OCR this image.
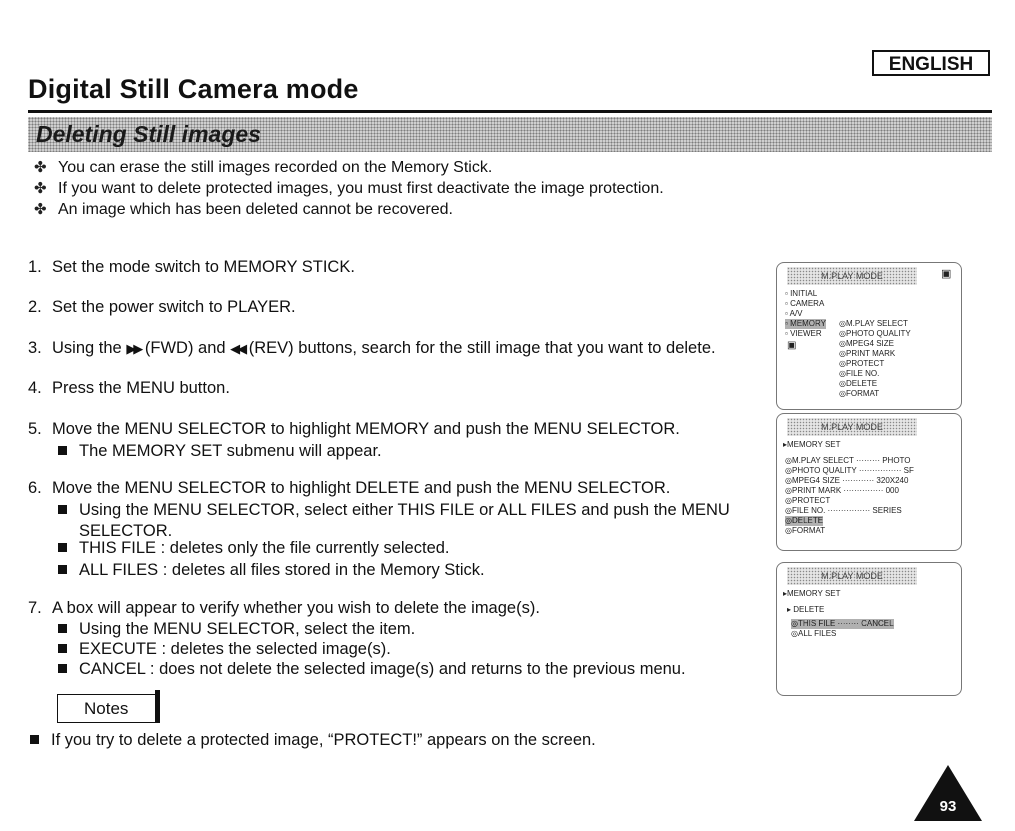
ENGLISH
Digital Still Camera mode
Deleting Still images
✤ You can erase the still images recorded on the Memory Stick.
✤ If you want to delete protected images, you must first deactivate the image protection.
✤ An image which has been deleted cannot be recovered.
1. Set the mode switch to MEMORY STICK.
2. Set the power switch to PLAYER.
3. Using the ▶▶ (FWD) and ◀◀ (REV) buttons, search for the still image that you want to delete.
4. Press the MENU button.
5. Move the MENU SELECTOR to highlight MEMORY and push the MENU SELECTOR.
The MEMORY SET submenu will appear.
6. Move the MENU SELECTOR to highlight DELETE and push the MENU SELECTOR.
Using the MENU SELECTOR, select either THIS FILE or ALL FILES and push the MENU
SELECTOR.
THIS FILE : deletes only the file currently selected.
ALL FILES : deletes all files stored in the Memory Stick.
7. A box will appear to verify whether you wish to delete the image(s).
Using the MENU SELECTOR, select the item.
EXECUTE : deletes the selected image(s).
CANCEL : does not delete the selected image(s) and returns to the previous menu.
Notes
If you try to delete a protected image, “PROTECT!” appears on the screen.
93
M.PLAY MODE	▣
▫ INITIAL
▫ CAMERA
▫ A/V
▫ MEMORY
▫ VIEWER
▣
◎M.PLAY SELECT
◎PHOTO QUALITY
◎MPEG4 SIZE
◎PRINT MARK
◎PROTECT
◎FILE NO.
◎DELETE
◎FORMAT
M.PLAY MODE
▸MEMORY SET
◎M.PLAY SELECT ········· PHOTO
◎PHOTO QUALITY ················ SF
◎MPEG4 SIZE ············ 320X240
◎PRINT MARK ··············· 000
◎PROTECT
◎FILE NO. ················ SERIES
◎DELETE
◎FORMAT
M.PLAY MODE
▸MEMORY SET
▸ DELETE
◎THIS FILE ········ CANCEL
◎ALL FILES
